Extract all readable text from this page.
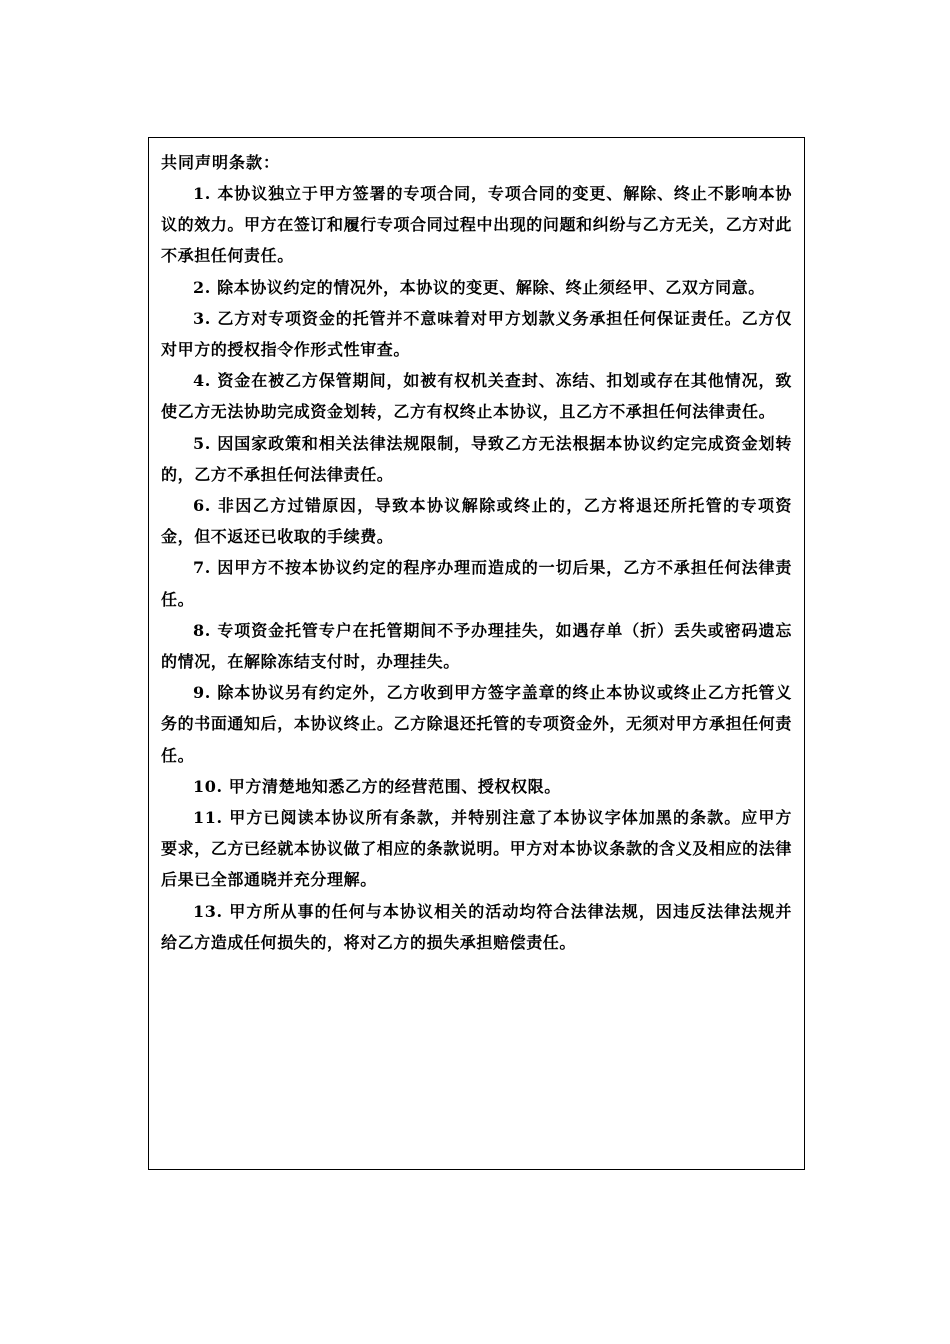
共同声明条款：

1. 本协议独立于甲方签署的专项合同，专项合同的变更、解除、终止不影响本协议的效力。甲方在签订和履行专项合同过程中出现的问题和纠纷与乙方无关，乙方对此不承担任何责任。

2. 除本协议约定的情况外，本协议的变更、解除、终止须经甲、乙双方同意。

3. 乙方对专项资金的托管并不意味着对甲方划款义务承担任何保证责任。乙方仅对甲方的授权指令作形式性审查。

4. 资金在被乙方保管期间，如被有权机关查封、冻结、扣划或存在其他情况，致使乙方无法协助完成资金划转，乙方有权终止本协议，且乙方不承担任何法律责任。

5. 因国家政策和相关法律法规限制，导致乙方无法根据本协议约定完成资金划转的，乙方不承担任何法律责任。

6. 非因乙方过错原因，导致本协议解除或终止的，乙方将退还所托管的专项资金，但不返还已收取的手续费。

7. 因甲方不按本协议约定的程序办理而造成的一切后果，乙方不承担任何法律责任。

8. 专项资金托管专户在托管期间不予办理挂失，如遇存单（折）丢失或密码遗忘的情况，在解除冻结支付时，办理挂失。

9. 除本协议另有约定外，乙方收到甲方签字盖章的终止本协议或终止乙方托管义务的书面通知后，本协议终止。乙方除退还托管的专项资金外，无须对甲方承担任何责任。

10. 甲方清楚地知悉乙方的经营范围、授权权限。

11. 甲方已阅读本协议所有条款，并特别注意了本协议字体加黑的条款。应甲方要求，乙方已经就本协议做了相应的条款说明。甲方对本协议条款的含义及相应的法律后果已全部通晓并充分理解。

13. 甲方所从事的任何与本协议相关的活动均符合法律法规，因违反法律法规并给乙方造成任何损失的，将对乙方的损失承担赔偿责任。
